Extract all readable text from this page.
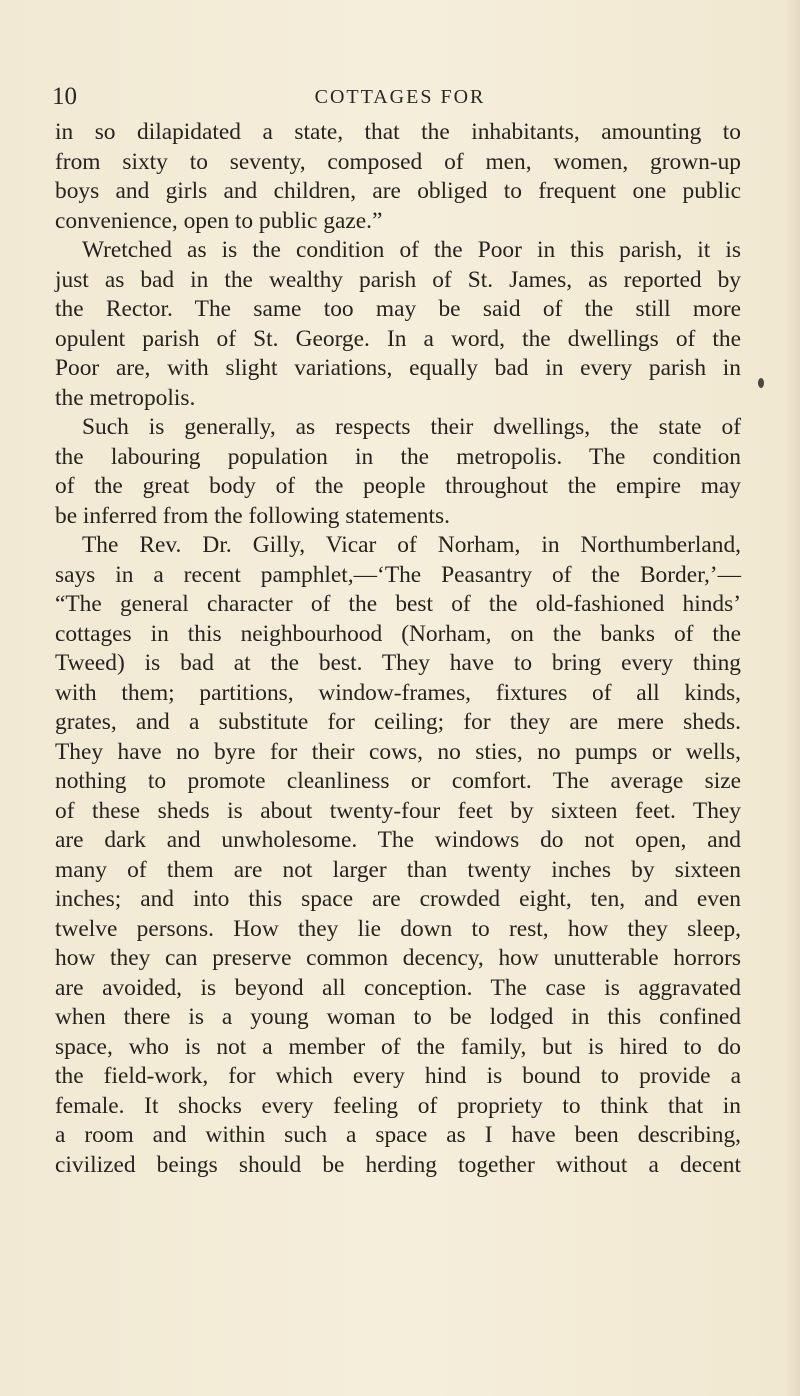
10	COTTAGES FOR
in so dilapidated a state, that the inhabitants, amounting to
from sixty to seventy, composed of men, women, grown-up
boys and girls and children, are obliged to frequent one public
convenience, open to public gaze.”
Wretched as is the condition of the Poor in this parish, it is
just as bad in the wealthy parish of St. James, as reported by
the Rector. The same too may be said of the still more
opulent parish of St. George. In a word, the dwellings of the
Poor are, with slight variations, equally bad in every parish in
the metropolis.
Such is generally, as respects their dwellings, the state of
the labouring population in the metropolis. The condition
of the great body of the people throughout the empire may
be inferred from the following statements.
The Rev. Dr. Gilly, Vicar of Norham, in Northumberland,
says in a recent pamphlet,—‘The Peasantry of the Border,’—
“The general character of the best of the old-fashioned hinds’
cottages in this neighbourhood (Norham, on the banks of the
Tweed) is bad at the best. They have to bring every thing
with them; partitions, window-frames, fixtures of all kinds,
grates, and a substitute for ceiling; for they are mere sheds.
They have no byre for their cows, no sties, no pumps or wells,
nothing to promote cleanliness or comfort. The average size
of these sheds is about twenty-four feet by sixteen feet. They
are dark and unwholesome. The windows do not open, and
many of them are not larger than twenty inches by sixteen
inches; and into this space are crowded eight, ten, and even
twelve persons. How they lie down to rest, how they sleep,
how they can preserve common decency, how unutterable horrors
are avoided, is beyond all conception. The case is aggravated
when there is a young woman to be lodged in this confined
space, who is not a member of the family, but is hired to do
the field-work, for which every hind is bound to provide a
female. It shocks every feeling of propriety to think that in
a room and within such a space as I have been describing,
civilized beings should be herding together without a decent
